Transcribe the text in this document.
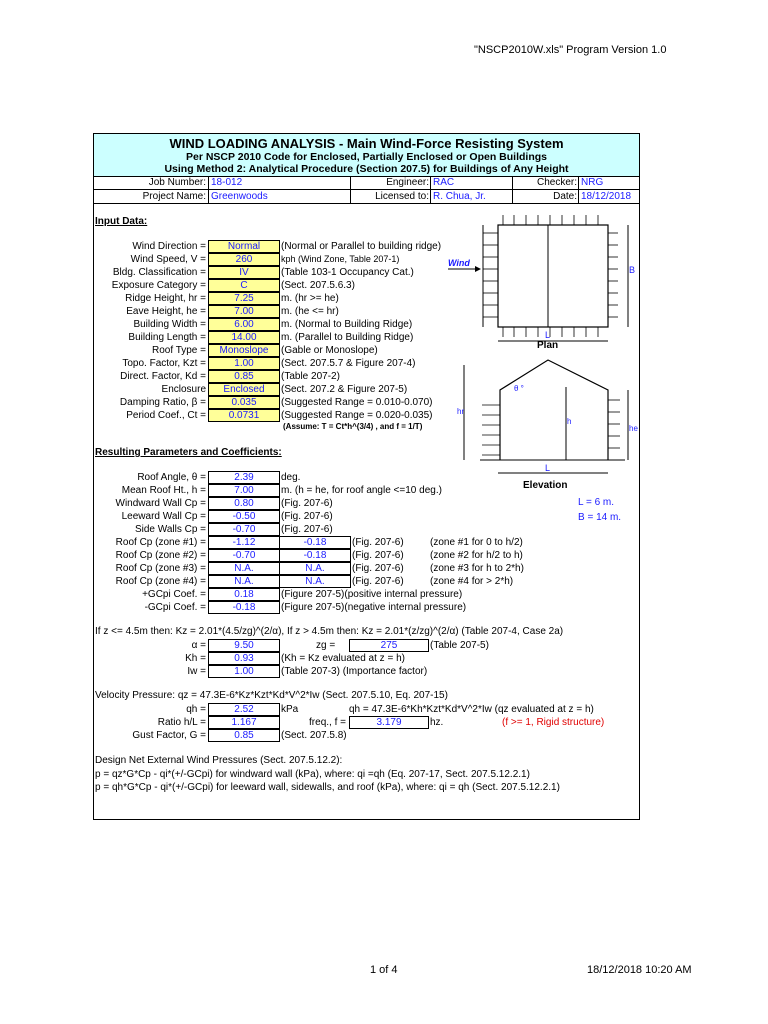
"NSCP2010W.xls" Program Version 1.0
WIND LOADING ANALYSIS - Main Wind-Force Resisting System
Per NSCP 2010 Code for Enclosed, Partially Enclosed or Open Buildings
Using Method 2: Analytical Procedure (Section 207.5) for Buildings of Any Height
Job Number: 18-012	Engineer: RAC	Checker: NRG
Project Name: Greenwoods	Licensed to: R. Chua, Jr.	Date: 18/12/2018
Input Data:
Wind Direction =	Normal	(Normal or Parallel to building ridge)
Wind Speed, V =	260	kph (Wind Zone, Table 207-1)
Bldg. Classification =	IV	(Table 103-1 Occupancy Cat.)
Exposure Category =	C	(Sect. 207.5.6.3)
Ridge Height, hr =	7.25	m. (hr >= he)
Eave Height, he =	7.00	m. (he <= hr)
Building Width =	6.00	m. (Normal to Building Ridge)
Building Length =	14.00	m. (Parallel to Building Ridge)
Roof Type =	Monoslope	(Gable or Monoslope)
Topo. Factor, Kzt =	1.00	(Sect. 207.5.7 & Figure 207-4)
Direct. Factor, Kd =	0.85	(Table 207-2)
Enclosure	Enclosed	(Sect. 207.2 & Figure 207-5)
Damping Ratio, β =	0.035	(Suggested Range = 0.010-0.070)
Period Coef., Ct =	0.0731	(Suggested Range = 0.020-0.035)
(Assume: T = Ct*h^(3/4) , and f = 1/T)
Resulting Parameters and Coefficients:
Roof Angle, θ =	2.39	deg.
Mean Roof Ht., h =	7.00	m. (h = he, for roof angle <=10 deg.)
Windward Wall Cp =	0.80	(Fig. 207-6)
Leeward Wall Cp =	-0.50	(Fig. 207-6)
Side Walls Cp =	-0.70	(Fig. 207-6)
Roof Cp (zone #1) =	-1.12	-0.18	(Fig. 207-6)	(zone #1 for 0 to h/2)
Roof Cp (zone #2) =	-0.70	-0.18	(Fig. 207-6)	(zone #2 for h/2 to h)
Roof Cp (zone #3) =	N.A.	N.A.	(Fig. 207-6)	(zone #3 for h to 2*h)
Roof Cp (zone #4) =	N.A.	N.A.	(Fig. 207-6)	(zone #4 for > 2*h)
+GCpi Coef. =	0.18	(Figure 207-5)(positive internal pressure)
-GCpi Coef. =	-0.18	(Figure 207-5)(negative internal pressure)
If z <= 4.5m then: Kz = 2.01*(4.5/zg)^(2/α), If z > 4.5m then: Kz = 2.01*(z/zg)^(2/α) (Table 207-4, Case 2a)
α =	9.50	zg =	275	(Table 207-5)
Kh =	0.93	(Kh = Kz evaluated at z = h)
Iw =	1.00	(Table 207-3) (Importance factor)
Velocity Pressure: qz = 47.3E-6*Kz*Kzt*Kd*V^2*Iw (Sect. 207.5.10, Eq. 207-15)
qh =	2.52	kPa	qh = 47.3E-6*Kh*Kzt*Kd*V^2*Iw (qz evaluated at z = h)
Ratio h/L =	1.167	freq., f =	3.179	hz.	(f >= 1, Rigid structure)
Gust Factor, G =	0.85	(Sect. 207.5.8)
Design Net External Wind Pressures (Sect. 207.5.12.2):
p = qz*G*Cp - qi*(+/-GCpi) for windward wall (kPa), where: qi =qh (Eq. 207-17, Sect. 207.5.12.2.1)
p = qh*G*Cp - qi*(+/-GCpi) for leeward wall, sidewalls, and roof (kPa), where: qi = qh (Sect. 207.5.12.2.1)
Wind
B
L
Plan
θ °
hr
h
he
L
Elevation
L = 6 m.
B = 14 m.
1 of 4	18/12/2018 10:20 AM
